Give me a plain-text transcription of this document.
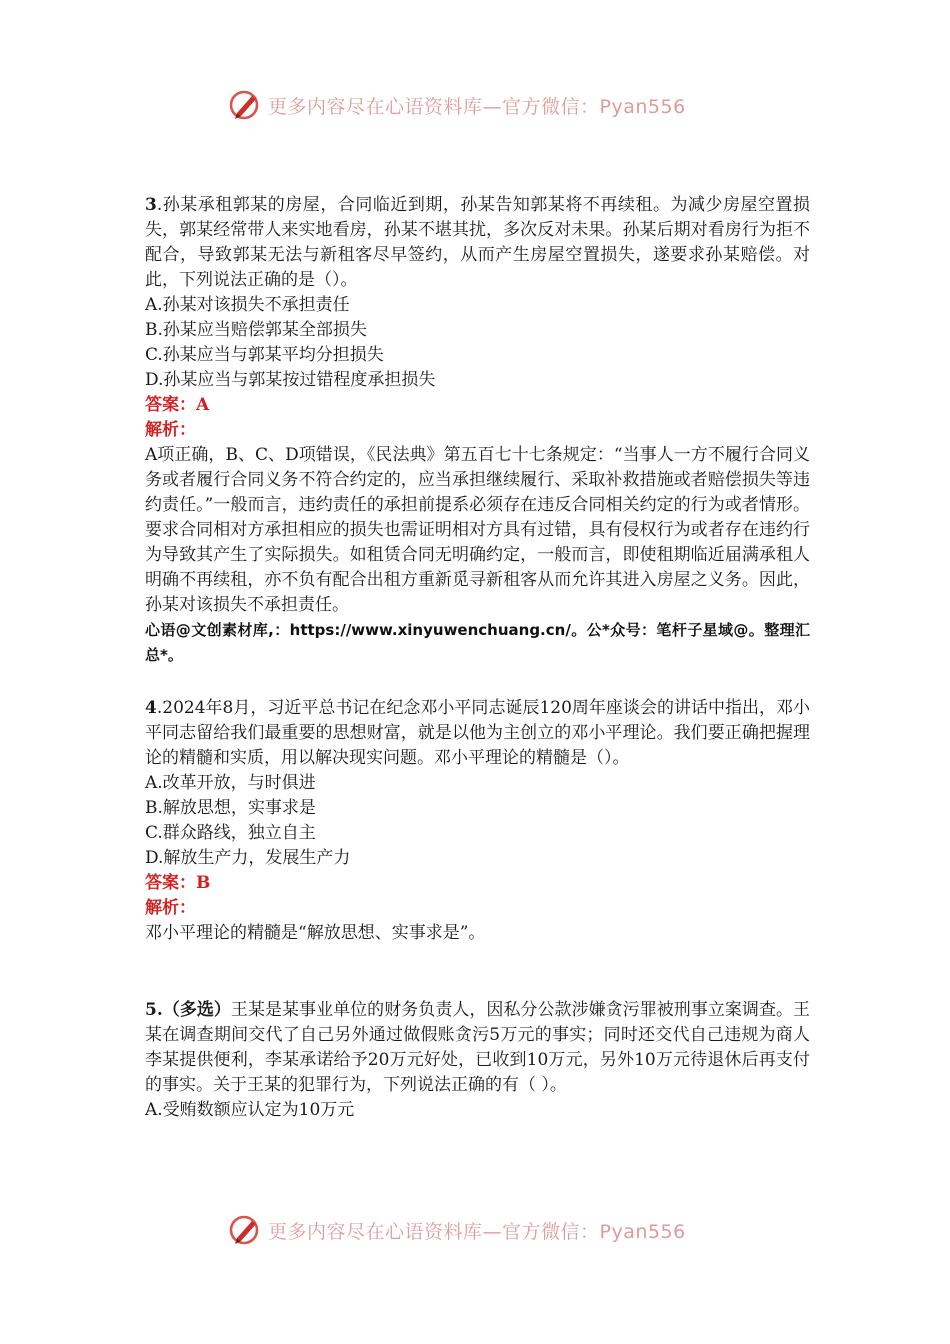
更多内容尽在心语资料库—官方微信：Pyan556

3.孙某承租郭某的房屋，合同临近到期，孙某告知郭某将不再续租。为减少房屋空置损失，郭某经常带人来实地看房，孙某不堪其扰，多次反对未果。孙某后期对看房行为拒不配合，导致郭某无法与新租客尽早签约，从而产生房屋空置损失，遂要求孙某赔偿。对此，下列说法正确的是（）。

A.孙某对该损失不承担责任

B.孙某应当赔偿郭某全部损失

C.孙某应当与郭某平均分担损失

D.孙某应当与郭某按过错程度承担损失

答案：A

解析：

A项正确，B、C、D项错误，《民法典》第五百七十七条规定：“当事人一方不履行合同义务或者履行合同义务不符合约定的，应当承担继续履行、采取补救措施或者赔偿损失等违约责任。”一般而言，违约责任的承担前提系必须存在违反合同相关约定的行为或者情形。要求合同相对方承担相应的损失也需证明相对方具有过错，具有侵权行为或者存在违约行为导致其产生了实际损失。如租赁合同无明确约定，一般而言，即使租期临近届满承租人明确不再续租，亦不负有配合出租方重新觅寻新租客从而允许其进入房屋之义务。因此，孙某对该损失不承担责任。

心语@文创素材库,：https://www.xinyuwenchuang.cn/。公*众号：笔杆子星域@。整理汇总*。

4.2024年8月，习近平总书记在纪念邓小平同志诞辰120周年座谈会的讲话中指出，邓小平同志留给我们最重要的思想财富，就是以他为主创立的邓小平理论。我们要正确把握理论的精髓和实质，用以解决现实问题。邓小平理论的精髓是（）。

A.改革开放，与时俱进

B.解放思想，实事求是

C.群众路线，独立自主

D.解放生产力，发展生产力

答案：B

解析：

邓小平理论的精髓是“解放思想、实事求是”。

5.（多选）王某是某事业单位的财务负责人，因私分公款涉嫌贪污罪被刑事立案调查。王某在调查期间交代了自己另外通过做假账贪污5万元的事实；同时还交代自己违规为商人李某提供便利，李某承诺给予20万元好处，已收到10万元，另外10万元待退休后再支付的事实。关于王某的犯罪行为，下列说法正确的有（ ）。

A.受贿数额应认定为10万元

更多内容尽在心语资料库—官方微信：Pyan556
